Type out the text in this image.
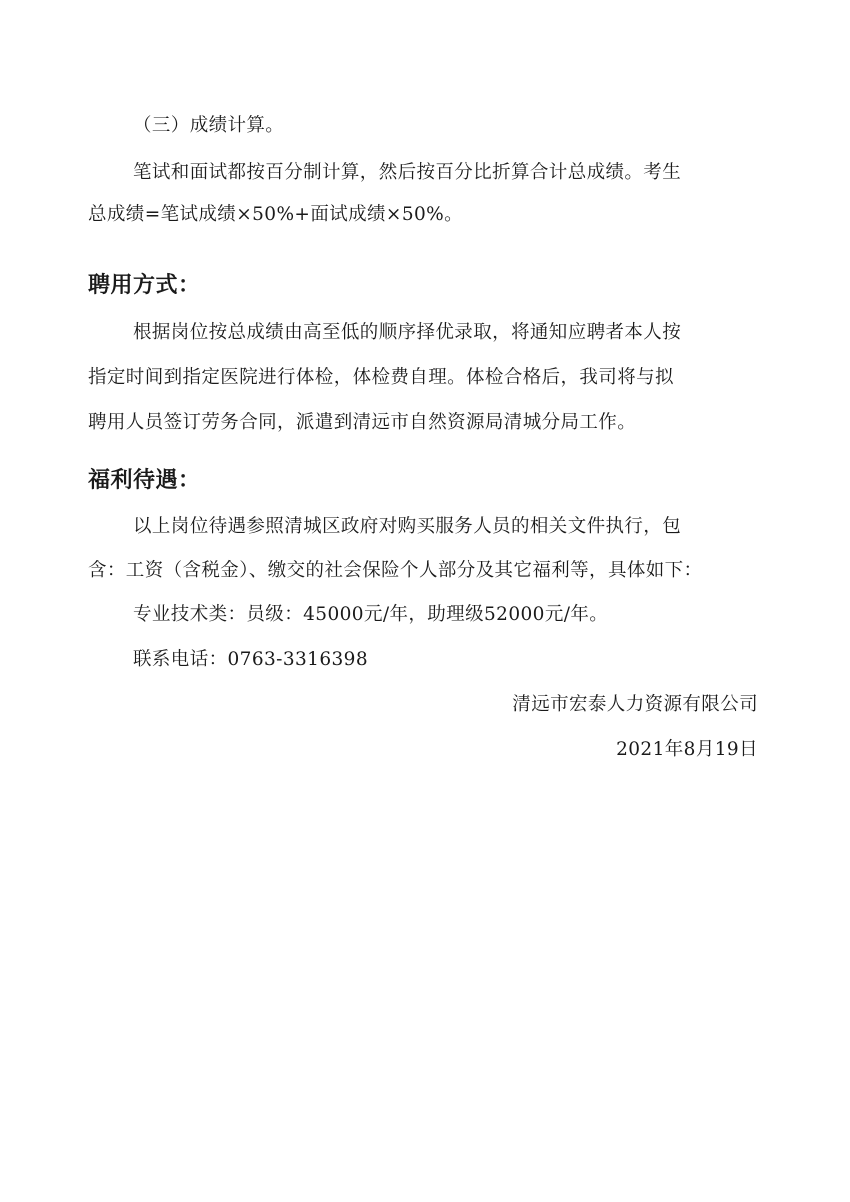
（三）成绩计算。
笔试和面试都按百分制计算，然后按百分比折算合计总成绩。考生
总成绩=笔试成绩×50%+面试成绩×50%。
聘用方式：
根据岗位按总成绩由高至低的顺序择优录取，将通知应聘者本人按
指定时间到指定医院进行体检，体检费自理。体检合格后，我司将与拟
聘用人员签订劳务合同，派遣到清远市自然资源局清城分局工作。
福利待遇：
以上岗位待遇参照清城区政府对购买服务人员的相关文件执行，包
含：工资（含税金）、缴交的社会保险个人部分及其它福利等，具体如下：
专业技术类：员级：45000元/年，助理级52000元/年。
联系电话：0763-3316398
清远市宏泰人力资源有限公司
2021年8月19日
